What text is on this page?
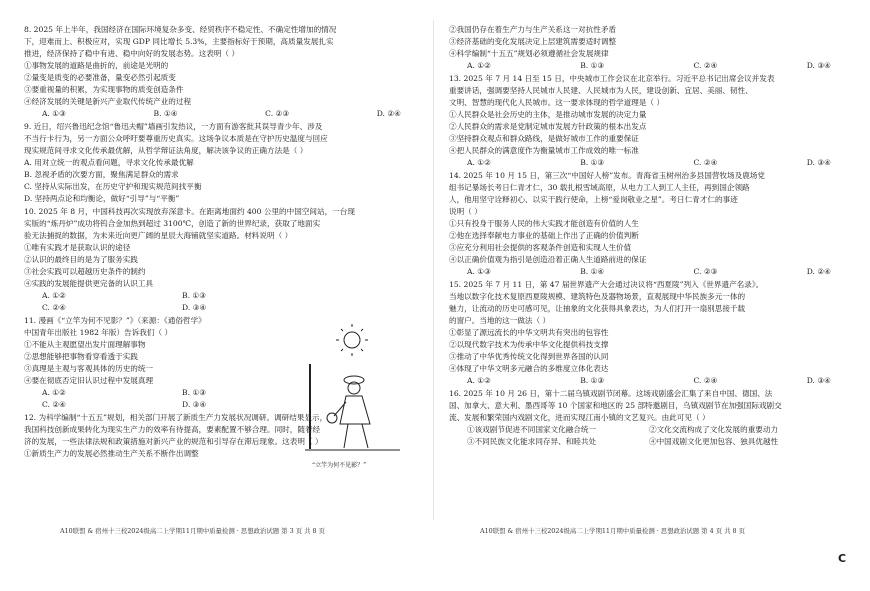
8. 2025 年上半年，我国经济在国际环境复杂多变、经贸秩序不稳定性、不确定性增加的情况
下，迎难而上、积极应对，实现 GDP 同比增长 5.3%，主要指标好于预期，高质量发展扎实
推进，经济保持了稳中有进、稳中向好的发展态势。这表明（ ）
①事物发展的道路是曲折的，前途是光明的
②量变是质变的必要准备，量变必然引起质变
③要重视量的积累，为实现事物的质变创造条件
④经济发展的关键是新兴产业取代传统产业的过程
A. ①③	B. ①④	C. ②③	D. ②④
9. 近日，绍兴鲁迅纪念馆“鲁迅夫帽”墙画引发热议，一方面有游客批其误导青少年、涉及
不当行卡行为，另一方面公众呼吁要尊重历史真实。这场争议本质是在守护历史温度与回应
现实规范间寻求文化传承最优解，从哲学辩证法角度，解决该争议的正确方法是（ ）
A. 用对立统一的观点看问题，寻求文化传承最优解
B. 忽视矛盾的次要方面，聚焦满足群众的需求
C. 坚持从实际出发，在历史守护和现实规范间找平衡
D. 坚持两点论和均衡论，做好“引导”与“平衡”
10. 2025 年 8 月，中国科技再次实现放弃深意卡。在距离地面约 400 公里的中国空间站，一台现
实版的“炼丹炉”成功将钨合金加热到超过 3100℃，创造了新的世界纪录，获取了地面实
验无法捕捉的数据，为未来近向更广阔的星辰大海铺就坚实道路。材料说明（ ）
①唯有实践才是获取认识的途径
②认识的最终目的是为了服务实践
③社会实践可以超越历史条件的制约
④实践的发展能提供更完备的认识工具
A. ①②	B. ①③
C. ②④	D. ③④
11. 漫画《“立竿为何不见影？”》（来源：《通俗哲学》
中国青年出版社 1982 年版）告诉我们（ ）
①不能从主观愿望出发片面理解事物
②思想能够把事物看穿看透于实践
③真理是主观与客观具体的历史的统一
④要在彻底否定旧认识过程中发展真理
A. ①②	B. ①③
C. ②④	D. ③④
12. 为科学编制“十五五”规划，相关部门开展了新质生产力发展状况调研。调研结果显示，
我国科技创新成果转化为现实生产力的效率有待提高，要素配置不够合理。同时，随着经
济的发展，一些法律法规和政策措施对新兴产业的规范和引导存在滞后现象。这表明（ ）
①新质生产力的发展必然推动生产关系不断作出调整
“立竿为何不见影？”
A10联盟 & 宿州十三校2024级高二上学期11月期中质量检测 · 思想政治试题 第 3 页 共 8 页
②我国仍存在着生产力与生产关系这一对抗性矛盾
③经济基础的变化发展决定上层建筑需要适时调整
④科学编制“十五五”规划必须遵循社会发展规律
A. ①②	B. ①③	C. ②④	D. ③④
13. 2025 年 7 月 14 日至 15 日，中央城市工作会议在北京举行。习近平总书记出席会议并发表
重要讲话，强调要坚持人民城市人民建、人民城市为人民，建设创新、宜居、美丽、韧性、
文明、智慧的现代化人民城市。这一要求体现的哲学道理是（ ）
①人民群众是社会历史的主体，是推动城市发展的决定力量
②人民群众的需求是党制定城市发展方针政策的根本出发点
③坚持群众观点和群众路线，是做好城市工作的重要保证
④把人民群众的满意度作为衡量城市工作成效的唯一标准
A. ①②	B. ①③	C. ②④	D. ③④
14. 2025 年 10 月 15 日，第三次“中国好人榜”发布。青海省玉树州治多县国营牧场及鹿场党
组书记暴场长考日仁青才仁，30 载扎根雪域高原，从电力工人到工人主任，再到国企领路
人，他用坚守诠释初心、以实干践行使命，上榜“爱岗敬业之星”。考日仁青才仁的事迹
说明（ ）
①只有投身于服务人民的伟大实践才能创造有价值的人生
②他在选择奉献电力事业的基础上作出了正确的价值判断
③应充分利用社会提供的客观条件创造和实现人生价值
④以正确价值观为指引是创造沿着正确人生道路前进的保证
A. ①③	B. ①④	C. ②③	D. ②④
15. 2025 年 7 月 11 日，第 47 届世界遗产大会通过决议将“西夏陵”列入《世界遗产名录》。
当地以数字化技术复原西夏陵规模、建筑特色及器物场景，直观展现中华民族多元一体的
魅力，让流动的历史可感可见，让抽象的文化获得具象表达，为人们打开一扇别思接千载
的窗户。当地的这一做法（ ）
①彰显了源远流长的中华文明共有突出的包容性
②以现代数字技术为传承中华文化提供科技支撑
③推动了中华优秀传统文化得到世界各国的认同
④体现了中华文明多元融合的多维度立体化表达
A. ①②	B. ①③	C. ②④	D. ③④
16. 2025 年 10 月 26 日，第十二届乌镇戏剧节闭幕。这场戏剧盛会汇集了来自中国、德国、法
国、加拿大、意大利、墨西哥等 10 个国家和地区的 25 部特邀剧目，乌镇戏剧节在加强国际戏剧交
流、发展和繁荣国内戏剧文化，进而实现江南小镇的文艺复兴。由此可见（ ）
①该戏剧节促进不同国家文化融合统一	②文化交流构成了文化发展的重要动力
③不同民族文化能求同存异、和睦共处	④中国戏剧文化更加包容、独具优越性
A10联盟 & 宿州十三校2024级高二上学期11月期中质量检测 · 思想政治试题 第 4 页 共 8 页
C
